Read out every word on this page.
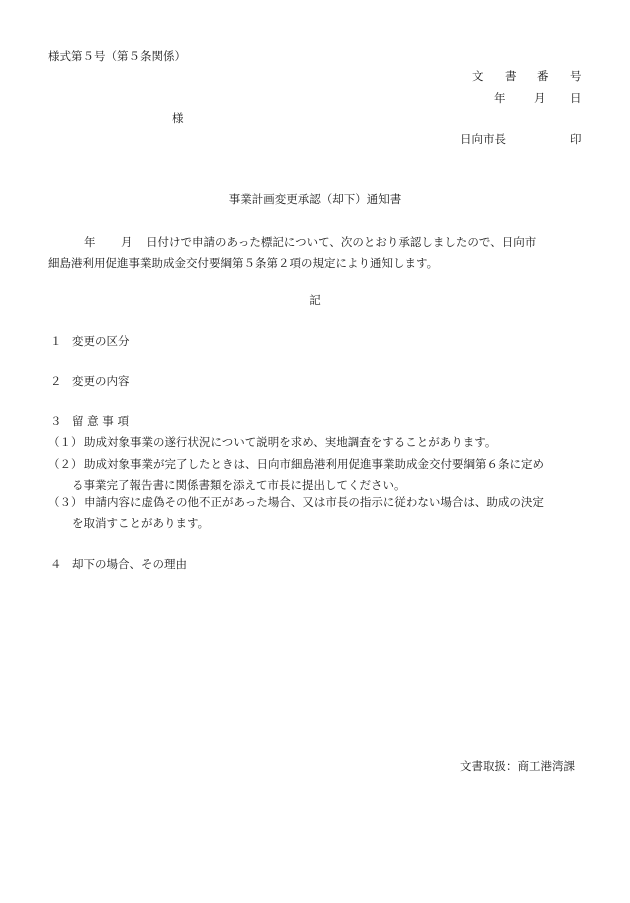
様式第５号（第５条関係）
文 書 番 号
年 月 日
様
日向市長	印
事業計画変更承認（却下）通知書
年 月 日付けで申請のあった標記について、次のとおり承認しましたので、日向市
細島港利用促進事業助成金交付要綱第５条第２項の規定により通知します。
記
１ 変更の区分
２ 変更の内容
３ 留 意 事 項
（１） 助成対象事業の遂行状況について説明を求め、実地調査をすることがあります。
（２） 助成対象事業が完了したときは、日向市細島港利用促進事業助成金交付要綱第６条に定め
る事業完了報告書に関係書類を添えて市長に提出してください。
（３） 申請内容に虚偽その他不正があった場合、又は市長の指示に従わない場合は、助成の決定
を取消すことがあります。
４ 却下の場合、その理由
文書取扱：商工港湾課
